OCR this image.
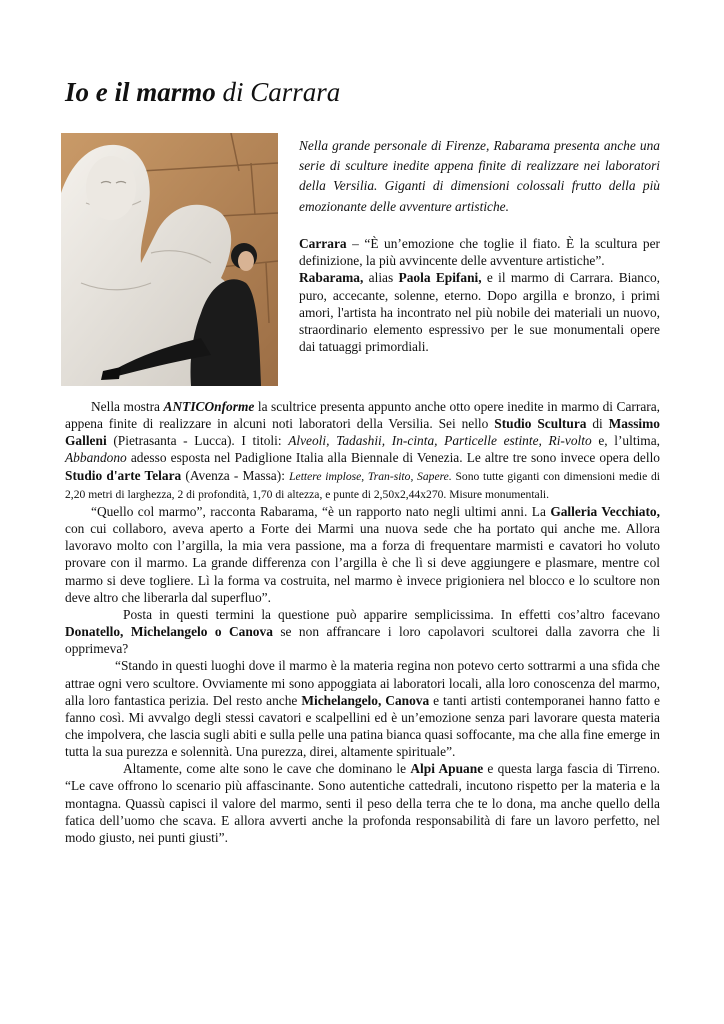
Io e il marmo di Carrara

Nella grande personale di Firenze, Rabarama presenta anche una serie di sculture inedite appena finite di realizzare nei laboratori della Versilia. Giganti di dimensioni colossali frutto della più emozionante delle avventure artistiche.

Carrara – “È un’emozione che toglie il fiato. È la scultura per definizione, la più avvincente delle avventure artistiche”.

Rabarama, alias Paola Epifani, e il marmo di Carrara. Bianco, puro, accecante, solenne, eterno. Dopo argilla e bronzo, i primi amori, l'artista ha incontrato nel più nobile dei materiali un nuovo, straordinario elemento espressivo per le sue monumentali opere dai tatuaggi primordiali.

Nella mostra ANTICOnforme la scultrice presenta appunto anche otto opere inedite in marmo di Carrara, appena finite di realizzare in alcuni noti laboratori della Versilia. Sei nello Studio Scultura di Massimo Galleni (Pietrasanta - Lucca). I titoli: Alveoli, Tadashii, In-cinta, Particelle estinte, Ri-volto e, l’ultima, Abbandono adesso esposta nel Padiglione Italia alla Biennale di Venezia. Le altre tre sono invece opera dello Studio d'arte Telara (Avenza - Massa): Lettere implose, Tran-sito, Sapere. Sono tutte giganti con dimensioni medie di 2,20 metri di larghezza, 2 di profondità, 1,70 di altezza, e punte di 2,50x2,44x270. Misure monumentali.

“Quello col marmo”, racconta Rabarama, “è un rapporto nato negli ultimi anni. La Galleria Vecchiato, con cui collaboro, aveva aperto a Forte dei Marmi una nuova sede che ha portato qui anche me. Allora lavoravo molto con l’argilla, la mia vera passione, ma a forza di frequentare marmisti e cavatori ho voluto provare con il marmo. La grande differenza con l’argilla è che lì si deve aggiungere e plasmare, mentre col marmo si deve togliere. Lì la forma va costruita, nel marmo è invece prigioniera nel blocco e lo scultore non deve altro che liberarla dal superfluo”.

Posta in questi termini la questione può apparire semplicissima. In effetti cos’altro facevano Donatello, Michelangelo o Canova se non affrancare i loro capolavori scultorei dalla zavorra che li opprimeva?

“Stando in questi luoghi dove il marmo è la materia regina non potevo certo sottrarmi a una sfida che attrae ogni vero scultore. Ovviamente mi sono appoggiata ai laboratori locali, alla loro conoscenza del marmo, alla loro fantastica perizia. Del resto anche Michelangelo, Canova e tanti artisti contemporanei hanno fatto e fanno così. Mi avvalgo degli stessi cavatori e scalpellini ed è un’emozione senza pari lavorare questa materia che impolvera, che lascia sugli abiti e sulla pelle una patina bianca quasi soffocante, ma che alla fine emerge in tutta la sua purezza e solennità. Una purezza, direi, altamente spirituale”.

Altamente, come alte sono le cave che dominano le Alpi Apuane e questa larga fascia di Tirreno. “Le cave offrono lo scenario più affascinante. Sono autentiche cattedrali, incutono rispetto per la materia e la montagna. Quassù capisci il valore del marmo, senti il peso della terra che te lo dona, ma anche quello della fatica dell’uomo che scava. E allora avverti anche la profonda responsabilità di fare un lavoro perfetto, nel modo giusto, nei punti giusti”.
